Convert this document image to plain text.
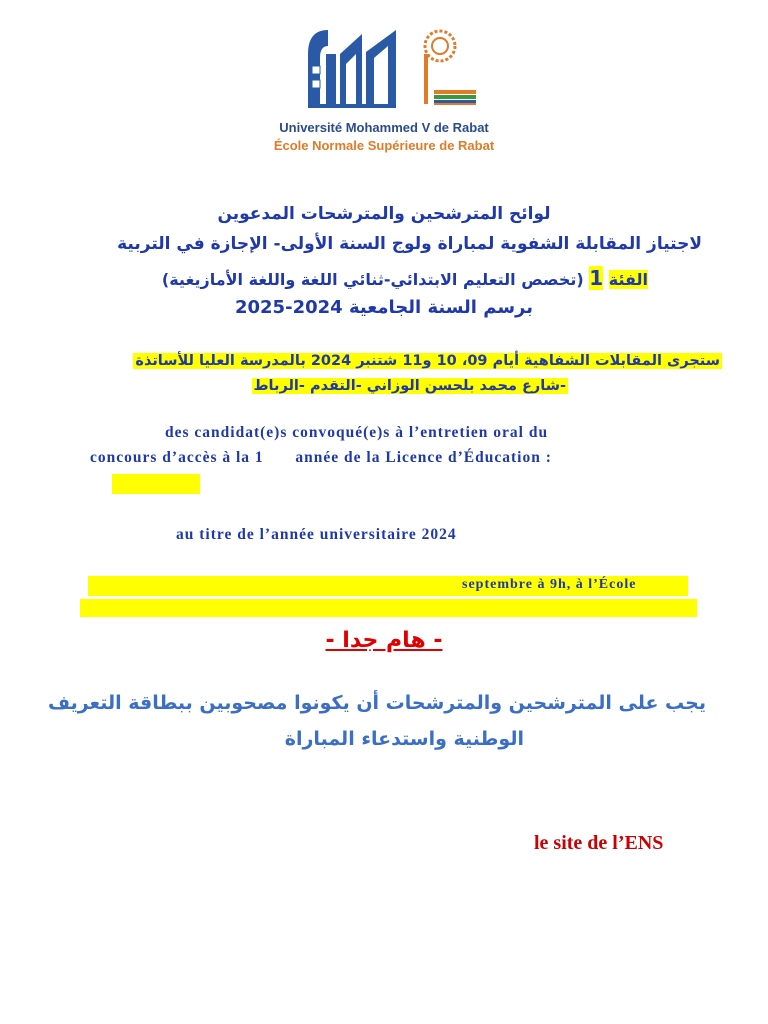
Université Mohammed V de Rabat
École Normale Supérieure de Rabat
لوائح المترشحين والمترشحات المدعوين
لاجتياز المقابلة الشفوية لمباراة ولوج السنة الأولى- الإجازة في التربية
الفئة 1 (تخصص التعليم الابتدائي-ثنائي اللغة واللغة الأمازيغية)
برسم السنة الجامعية 2024-2025
ستجرى المقابلات الشفاهية أيام 09، 10 و11 شتنبر 2024 بالمدرسة العليا للأساتذة
-شارع محمد بلحسن الوزاني -التقدم -الرباط
des candidat(e)s convoqué(e)s à l’entretien oral du
concours d’accès à la 1 année de la Licence d’Éducation :
au titre de l’année universitaire 2024
septembre à 9h, à l’École
- هام جدا -
يجب على المترشحين والمترشحات أن يكونوا مصحوبين ببطاقة التعريف
الوطنية واستدعاء المباراة
le site de l’ENS
